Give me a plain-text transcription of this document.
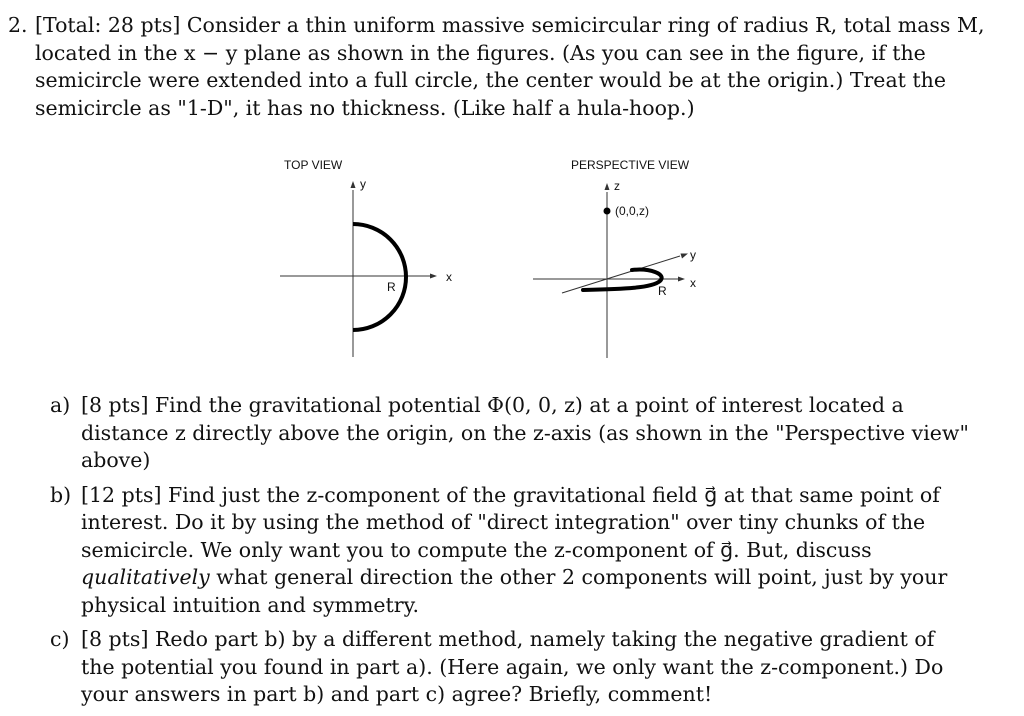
2. [Total: 28 pts] Consider a thin uniform massive semicircular ring of radius R, total mass M, located in the x − y plane as shown in the figures. (As you can see in the figure, if the semicircle were extended into a full circle, the center would be at the origin.) Treat the semicircle as "1-D", it has no thickness. (Like half a hula-hoop.)
TOP VIEW
y
x
R
PERSPECTIVE VIEW
z
(0,0,z)
x
y
R
a) [8 pts] Find the gravitational potential Φ(0, 0, z) at a point of interest located a distance z directly above the origin, on the z-axis (as shown in the "Perspective view" above)
b) [12 pts] Find just the z-component of the gravitational field g⃗ at that same point of interest. Do it by using the method of "direct integration" over tiny chunks of the semicircle. We only want you to compute the z-component of g⃗. But, discuss qualitatively what general direction the other 2 components will point, just by your physical intuition and symmetry.
c) [8 pts] Redo part b) by a different method, namely taking the negative gradient of the potential you found in part a). (Here again, we only want the z-component.) Do your answers in part b) and part c) agree? Briefly, comment!
